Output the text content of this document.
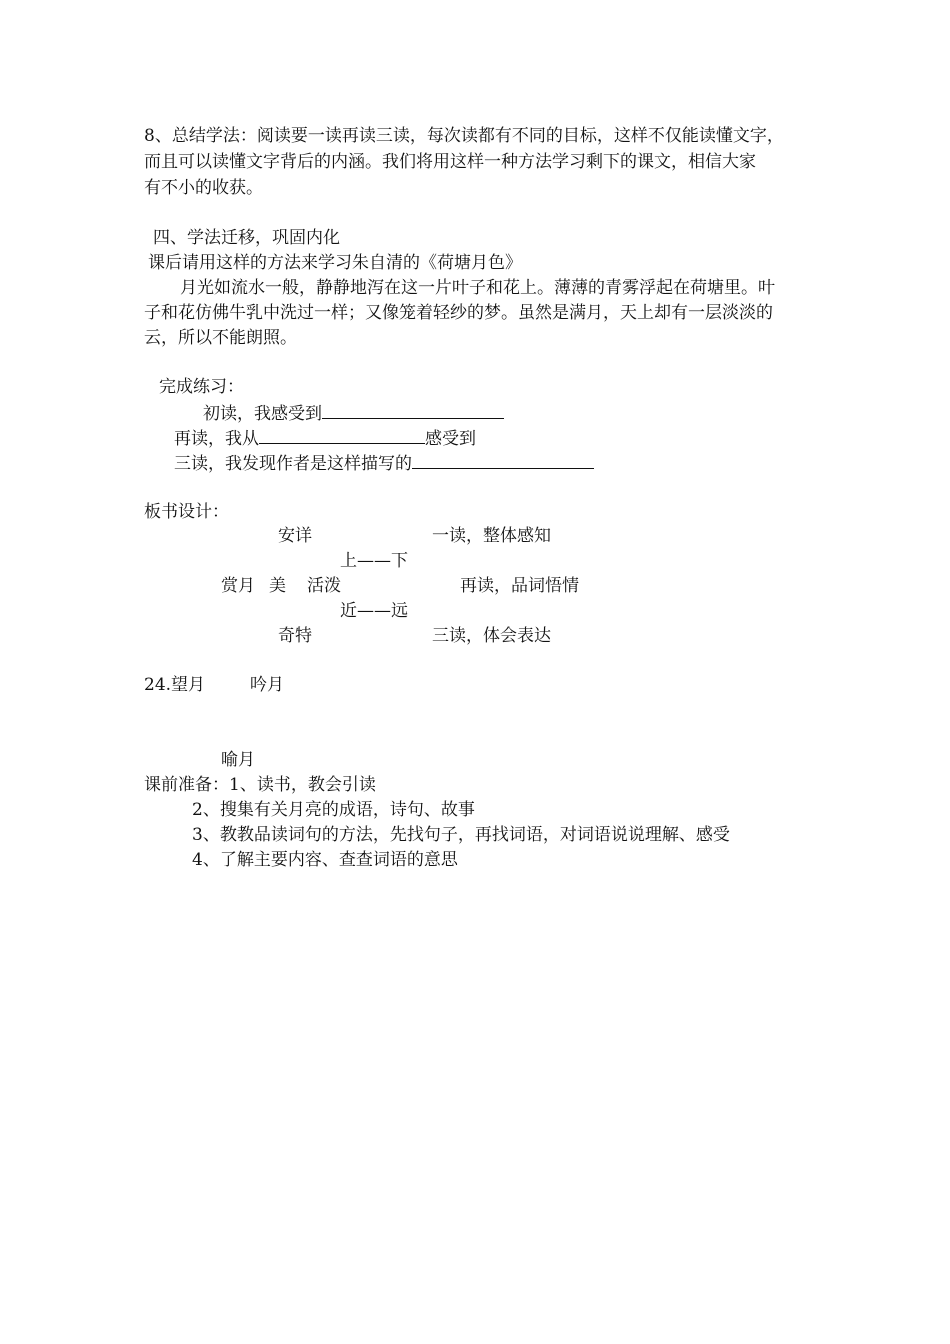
8、总结学法：阅读要一读再读三读，每次读都有不同的目标，这样不仅能读懂文字，
而且可以读懂文字背后的内涵。我们将用这样一种方法学习剩下的课文，相信大家
有不小的收获。
四、学法迁移，巩固内化
课后请用这样的方法来学习朱自清的《荷塘月色》
月光如流水一般，静静地泻在这一片叶子和花上。薄薄的青雾浮起在荷塘里。叶
子和花仿佛牛乳中洗过一样；又像笼着轻纱的梦。虽然是满月，天上却有一层淡淡的
云，所以不能朗照。
完成练习：
初读，我感受到
再读，我从	感受到
三读，我发现作者是这样描写的
板书设计：
安详	一读，整体感知
上——下
赏月 美 活泼	再读，品词悟情
近——远
奇特	三读，体会表达
24.望月	吟月
喻月
课前准备：1、读书，教会引读
2、搜集有关月亮的成语，诗句、故事
3、教教品读词句的方法，先找句子，再找词语，对词语说说理解、感受
4、了解主要内容、查查词语的意思
